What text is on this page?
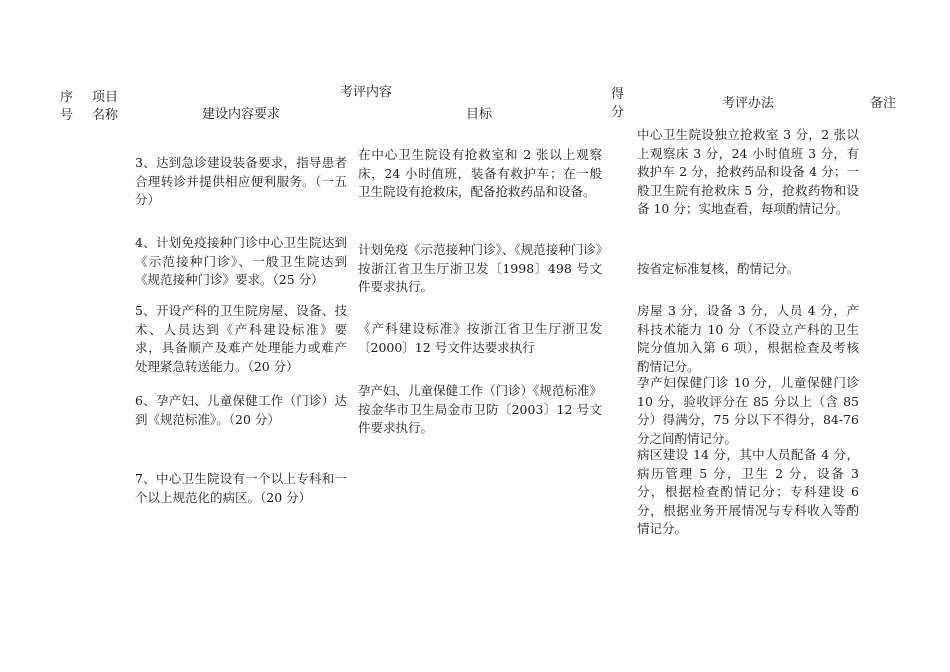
序
号
项目
名称
考评内容
建设内容要求	目标
得
分
考评办法	备注
3、达到急诊建设装备要求，指导患者合理转诊并提供相应便利服务。（一五分）
4、计划免疫接种门诊中心卫生院达到《示范接种门诊》、一般卫生院达到《规范接种门诊》要求。（25 分）
5、开设产科的卫生院房屋、设备、技术、人员达到《产科建设标准》要求，具备顺产及难产处理能力或难产处理紧急转送能力。（20 分）
6、孕产妇、儿童保健工作（门诊）达到《规范标准》。（20 分）
7、中心卫生院设有一个以上专科和一个以上规范化的病区。（20 分）
在中心卫生院设有抢救室和 2 张以上观察床，24 小时值班，装备有救护车；在一般卫生院设有抢救床，配备抢救药品和设备。
计划免疫《示范接种门诊》、《规范接种门诊》按浙江省卫生厅浙卫发〔1998〕498 号文件要求执行。
《产科建设标准》按浙江省卫生厅浙卫发〔2000〕12 号文件达要求执行
孕产妇、儿童保健工作（门诊）《规范标准》按金华市卫生局金市卫防〔2003〕12 号文件要求执行。
中心卫生院设独立抢救室 3 分，2 张以上观察床 3 分，24 小时值班 3 分，有救护车 2 分，抢救药品和设备 4 分；一般卫生院有抢救床 5 分，抢救药物和设备 10 分；实地查看，每项酌情记分。
按省定标准复核，酌情记分。
房屋 3 分，设备 3 分，人员 4 分，产科技术能力 10 分（不设立产科的卫生院分值加入第 6 项），根据检查及考核酌情记分。
孕产妇保健门诊 10 分，儿童保健门诊 10 分，验收评分在 85 分以上（含 85 分）得满分，75 分以下不得分，84-76 分之间酌情记分。
病区建设 14 分，其中人员配备 4 分，病历管理 5 分，卫生 2 分，设备 3 分，根据检查酌情记分；专科建设 6 分，根据业务开展情况与专科收入等酌情记分。
